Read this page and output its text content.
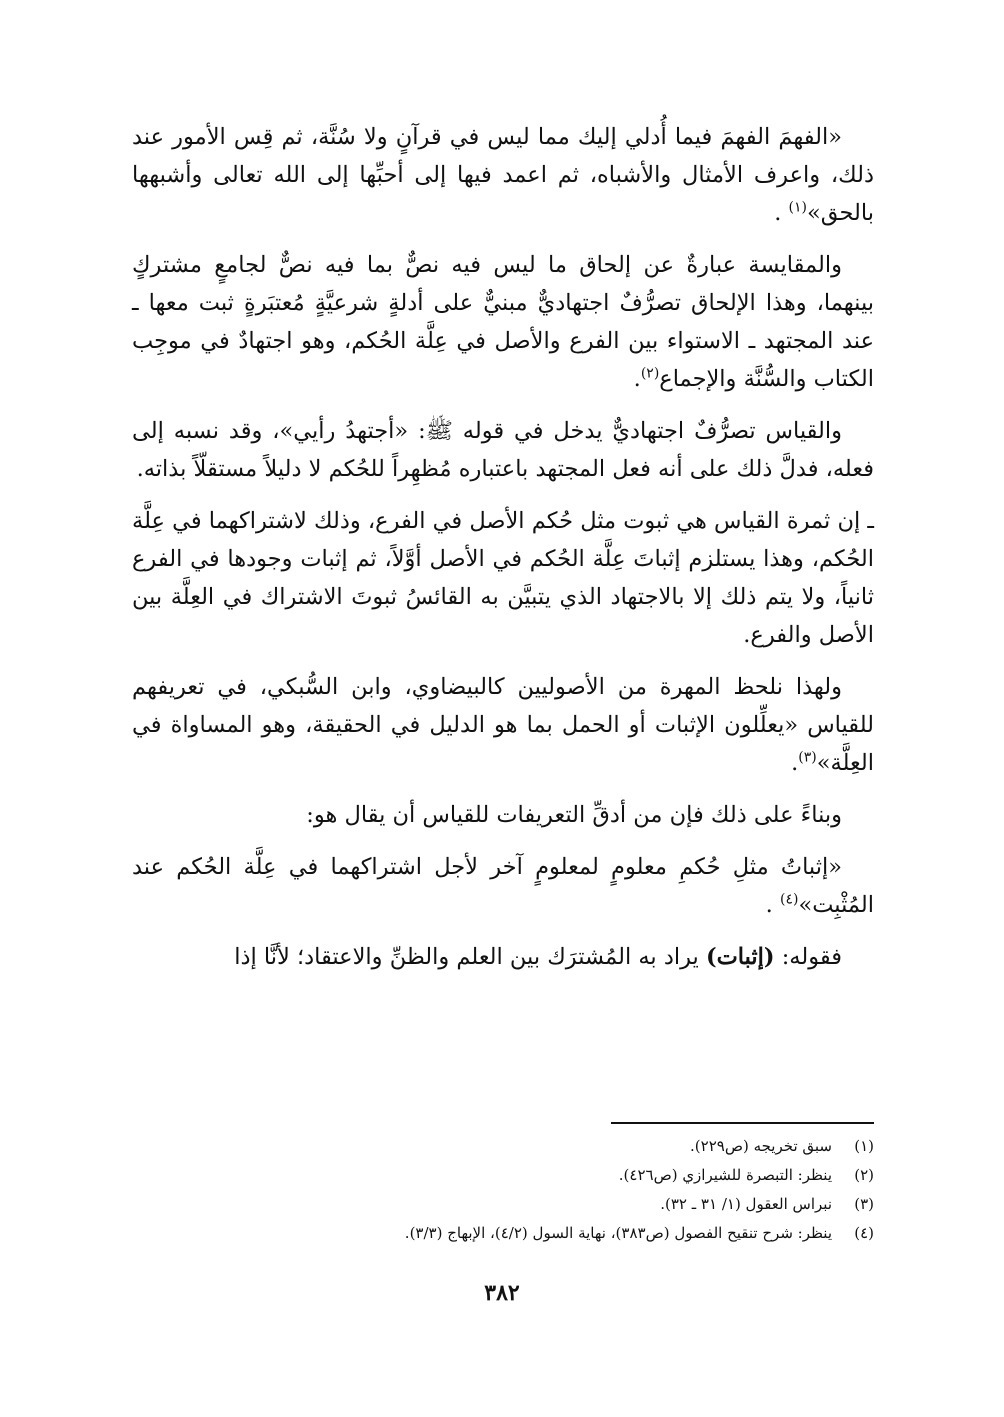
«الفهمَ الفهمَ فيما أُدلي إليك مما ليس في قرآنٍ ولا سُنَّة، ثم قِس الأمور عند ذلك، واعرف الأمثال والأشباه، ثم اعمد فيها إلى أحبِّها إلى الله تعالى وأشبهها بالحق»$^{(١)}$ .

والمقايسة عبارةٌ عن إلحاق ما ليس فيه نصٌّ بما فيه نصٌّ لجامعٍ مشتركٍ بينهما، وهذا الإلحاق تصرُّفٌ اجتهاديٌّ مبنيٌّ على أدلةٍ شرعيَّةٍ مُعتبَرةٍ ثبت معها ـ عند المجتهد ـ الاستواء بين الفرع والأصل في عِلَّة الحُكم، وهو اجتهادٌ في موجِب الكتاب والسُّنَّة والإجماع$^{(٢)}$.

والقياس تصرُّفٌ اجتهاديٌّ يدخل في قوله ﷺ: «أجتهدُ رأيي»، وقد نسبه إلى فعله، فدلَّ ذلك على أنه فعل المجتهد باعتباره مُظهِراً للحُكم لا دليلاً مستقلّاً بذاته.

ـ إن ثمرة القياس هي ثبوت مثل حُكم الأصل في الفرع، وذلك لاشتراكهما في عِلَّة الحُكم، وهذا يستلزم إثباتَ عِلَّة الحُكم في الأصل أوَّلاً، ثم إثبات وجودها في الفرع ثانياً، ولا يتم ذلك إلا بالاجتهاد الذي يتبيَّن به القائسُ ثبوتَ الاشتراك في العِلَّة بين الأصل والفرع.

ولهذا نلحظ المهرة من الأصوليين كالبيضاوي، وابن السُّبكي، في تعريفهم للقياس «يعلِّلون الإثبات أو الحمل بما هو الدليل في الحقيقة، وهو المساواة في العِلَّة»$^{(٣)}$.

وبناءً على ذلك فإن من أدقِّ التعريفات للقياس أن يقال هو:

«إثباتُ مثلِ حُكمِ معلومٍ لمعلومٍ آخر لأجل اشتراكهما في عِلَّة الحُكم عند المُثْبِت»$^{(٤)}$ .

فقوله: (إثبات) يراد به المُشترَك بين العلم والظنِّ والاعتقاد؛ لأنَّا إذا

(١)
سبق تخريجه (ص٢٢٩).
(٢)
ينظر: التبصرة للشيرازي (ص٤٢٦).
(٣)
نبراس العقول (١/ ٣١ ـ ٣٢).
(٤)
ينظر: شرح تنقيح الفصول (ص٣٨٣)، نهاية السول (٤/٢)، الإبهاج (٣/٣).
٣٨٢
